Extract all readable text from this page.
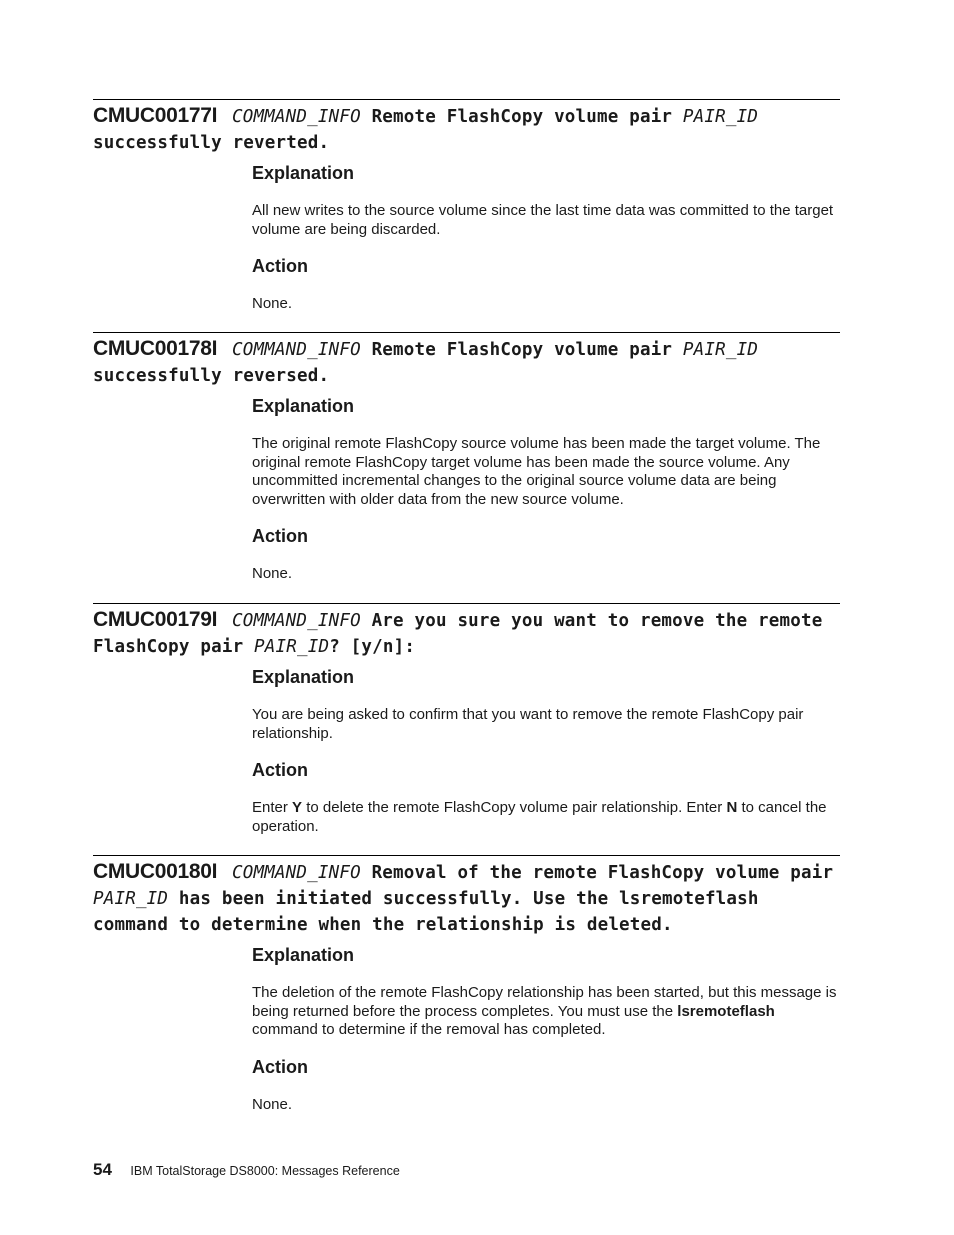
CMUC00177I COMMAND_INFO Remote FlashCopy volume pair PAIR_ID successfully reverted.
Explanation

All new writes to the source volume since the last time data was committed to the target volume are being discarded.

Action

None.

CMUC00178I COMMAND_INFO Remote FlashCopy volume pair PAIR_ID successfully reversed.
Explanation

The original remote FlashCopy source volume has been made the target volume. The original remote FlashCopy target volume has been made the source volume. Any uncommitted incremental changes to the original source volume data are being overwritten with older data from the new source volume.

Action

None.

CMUC00179I COMMAND_INFO Are you sure you want to remove the remote FlashCopy pair PAIR_ID? [y/n]:
Explanation

You are being asked to confirm that you want to remove the remote FlashCopy pair relationship.

Action

Enter Y to delete the remote FlashCopy volume pair relationship. Enter N to cancel the operation.

CMUC00180I COMMAND_INFO Removal of the remote FlashCopy volume pair PAIR_ID has been initiated successfully. Use the lsremoteflash command to determine when the relationship is deleted.
Explanation

The deletion of the remote FlashCopy relationship has been started, but this message is being returned before the process completes. You must use the lsremoteflash command to determine if the removal has completed.

Action

None.

54 IBM TotalStorage DS8000: Messages Reference
